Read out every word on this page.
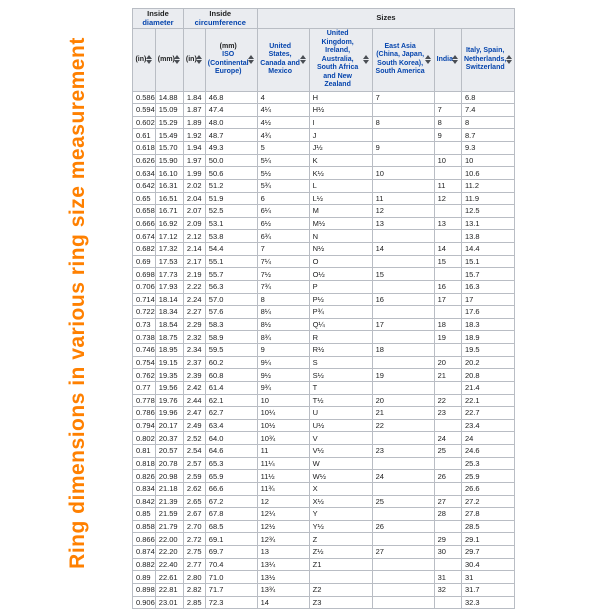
Ring dimensions in various ring size measurement
Inside diameter		Inside circumference		Sizes				
(in)	(mm)	(in)	(mm)
ISO (Continental Europe)	United States, Canada and Mexico	United Kingdom, Ireland, Australia, South Africa and New Zealand	East Asia (China, Japan, South Korea), South America	India	Italy, Spain, Netherlands, Switzerland

0.586	14.88	1.84	46.8	4	H	7		6.8
0.594	15.09	1.87	47.4	4¼	H½		7	7.4
0.602	15.29	1.89	48.0	4½	I	8	8	8
0.61	15.49	1.92	48.7	4¾	J		9	8.7
0.618	15.70	1.94	49.3	5	J½	9		9.3
0.626	15.90	1.97	50.0	5¼	K		10	10
0.634	16.10	1.99	50.6	5½	K½	10		10.6
0.642	16.31	2.02	51.2	5¾	L		11	11.2
0.65	16.51	2.04	51.9	6	L½	11	12	11.9
0.658	16.71	2.07	52.5	6¼	M	12		12.5
0.666	16.92	2.09	53.1	6½	M½	13	13	13.1
0.674	17.12	2.12	53.8	6¾	N			13.8
0.682	17.32	2.14	54.4	7	N½	14	14	14.4
0.69	17.53	2.17	55.1	7¼	O		15	15.1
0.698	17.73	2.19	55.7	7½	O½	15		15.7
0.706	17.93	2.22	56.3	7¾	P		16	16.3
0.714	18.14	2.24	57.0	8	P½	16	17	17
0.722	18.34	2.27	57.6	8¼	P¾			17.6
0.73	18.54	2.29	58.3	8½	Q¼	17	18	18.3
0.738	18.75	2.32	58.9	8¾	R		19	18.9
0.746	18.95	2.34	59.5	9	R½	18		19.5
0.754	19.15	2.37	60.2	9¼	S		20	20.2
0.762	19.35	2.39	60.8	9½	S½	19	21	20.8
0.77	19.56	2.42	61.4	9¾	T			21.4
0.778	19.76	2.44	62.1	10	T½	20	22	22.1
0.786	19.96	2.47	62.7	10¼	U	21	23	22.7
0.794	20.17	2.49	63.4	10½	U½	22		23.4
0.802	20.37	2.52	64.0	10¾	V		24	24
0.81	20.57	2.54	64.6	11	V½	23	25	24.6
0.818	20.78	2.57	65.3	11¼	W			25.3
0.826	20.98	2.59	65.9	11½	W½	24	26	25.9
0.834	21.18	2.62	66.6	11¾	X			26.6
0.842	21.39	2.65	67.2	12	X½	25	27	27.2
0.85	21.59	2.67	67.8	12¼	Y		28	27.8
0.858	21.79	2.70	68.5	12½	Y½	26		28.5
0.866	22.00	2.72	69.1	12¾	Z		29	29.1
0.874	22.20	2.75	69.7	13	Z½	27	30	29.7
0.882	22.40	2.77	70.4	13¼	Z1			30.4
0.89	22.61	2.80	71.0	13½			31	31
0.898	22.81	2.82	71.7	13¾	Z2		32	31.7
0.906	23.01	2.85	72.3	14	Z3			32.3
